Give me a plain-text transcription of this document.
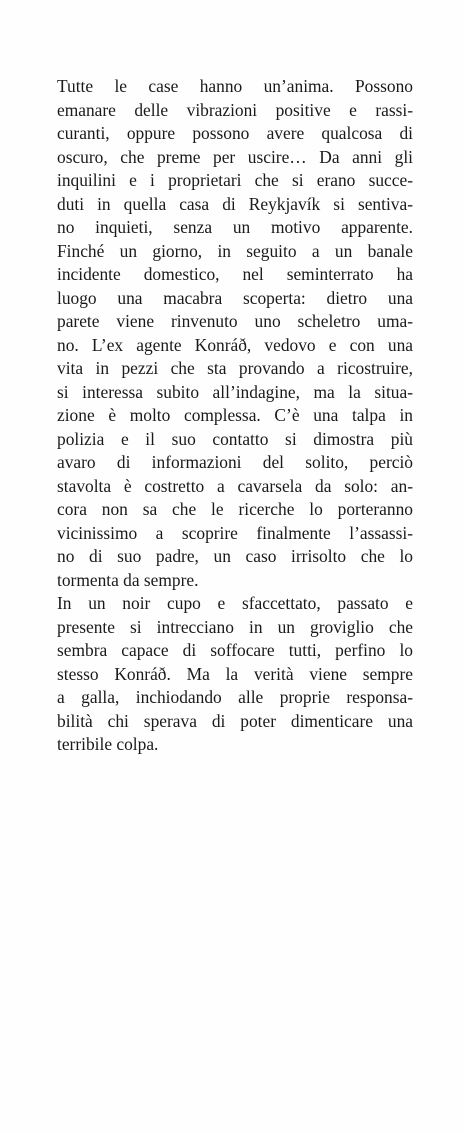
Tutte le case hanno un’anima. Possono
emanare delle vibrazioni positive e rassi-
curanti, oppure possono avere qualcosa di
oscuro, che preme per uscire… Da anni gli
inquilini e i proprietari che si erano succe-
duti in quella casa di Reykjavík si sentiva-
no inquieti, senza un motivo apparente.
Finché un giorno, in seguito a un banale
incidente domestico, nel seminterrato ha
luogo una macabra scoperta: dietro una
parete viene rinvenuto uno scheletro uma-
no. L’ex agente Konráð, vedovo e con una
vita in pezzi che sta provando a ricostruire,
si interessa subito all’indagine, ma la situa-
zione è molto complessa. C’è una talpa in
polizia e il suo contatto si dimostra più
avaro di informazioni del solito, perciò
stavolta è costretto a cavarsela da solo: an-
cora non sa che le ricerche lo porteranno
vicinissimo a scoprire finalmente l’assassi-
no di suo padre, un caso irrisolto che lo
tormenta da sempre.
In un noir cupo e sfaccettato, passato e
presente si intrecciano in un groviglio che
sembra capace di soffocare tutti, perfino lo
stesso Konráð. Ma la verità viene sempre
a galla, inchiodando alle proprie responsa-
bilità chi sperava di poter dimenticare una
terribile colpa.
